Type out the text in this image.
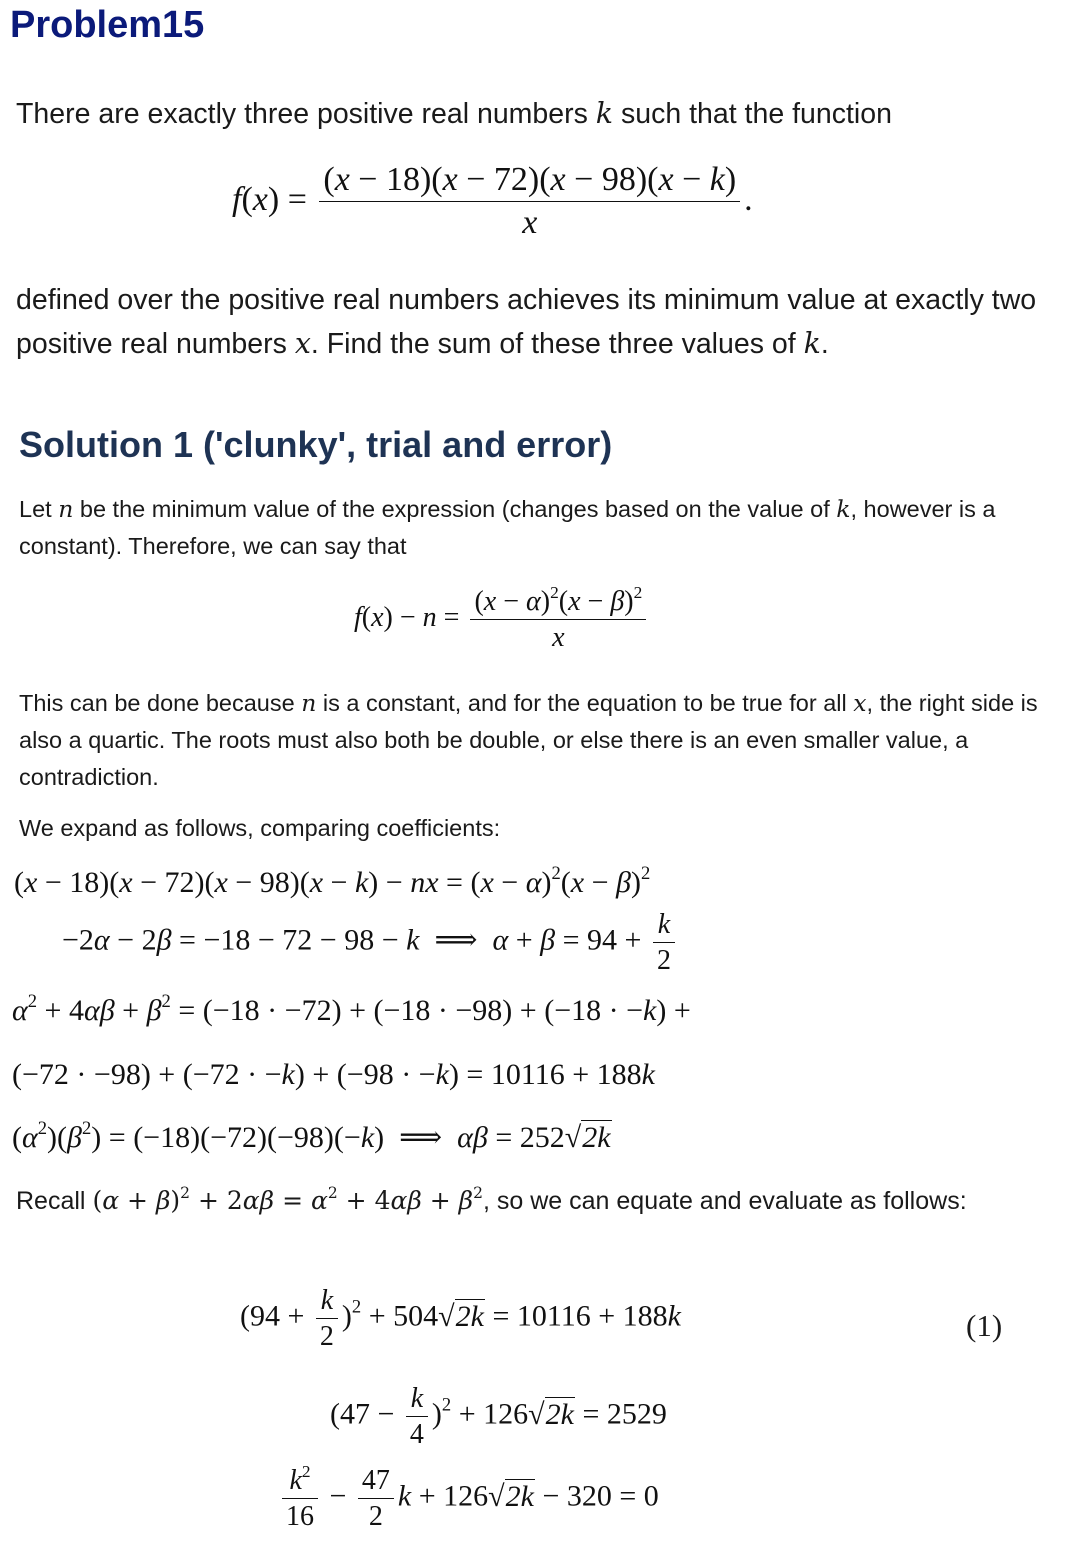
Problem15

There are exactly three positive real numbers k such that the function

$f(x) = \frac{(x - 18)(x - 72)(x - 98)(x - k)}{x}$ .

defined over the positive real numbers achieves its minimum value at exactly two positive real numbers x. Find the sum of these three values of k.

Solution 1 ('clunky', trial and error)

Let n be the minimum value of the expression (changes based on the value of k, however is a constant). Therefore, we can say that

$f(x) - n = \frac{(x - \alpha)^2(x - \beta)^2}{x}$

This can be done because n is a constant, and for the equation to be true for all x, the right side is also a quartic. The roots must also both be double, or else there is an even smaller value, a contradiction.

We expand as follows, comparing coefficients:

(x − 18)(x − 72)(x − 98)(x − k) − nx = $(x - \alpha)^2(x - \beta)^2$
−2α − 2β = −18 − 72 − 98 − k  ⟹  $\alpha + \beta = 94 + \frac{k}{2}$
$\alpha^2 + 4\alpha\beta + \beta^2 = (-18 \cdot -72) + (-18 \cdot -98) + (-18 \cdot -k)$ +
(−72 · −98) + (−72 · −k) + (−98 · −k) = 10116 + 188k
$(\alpha^2)(\beta^2) = (-18)(-72)(-98)(-k)$  ⟹  αβ = 252√2k

Recall $(\alpha + \beta)^2 + 2\alpha\beta = \alpha^2 + 4\alpha\beta + \beta^2$, so we can equate and evaluate as follows:

$(94 + \frac{k}{2} )^2 + 504√2k = 10116 + 188k$	(1)
$(47 - \frac{k}{4} )^2 + 126√2k = 2529$
$\frac{k^2}{16} - \frac{47}{2}$ k + 126√2k − 320 = 0
